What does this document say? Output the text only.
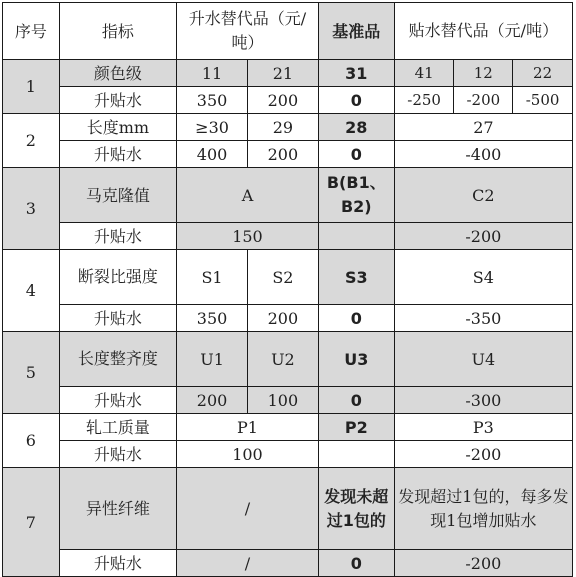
序号	指标	升水替代品（元/吨）		基准品	贴水替代品（元/吨）		
1	颜色级	11	21	31	41	12	22
	升贴水	350	200	0	-250	-200	-500
2	长度mm	≥30	29	28	27		
	升贴水	400	200	0	-400		
3	马克隆值	A		B(B1、B2)	C2		
	升贴水	150			-200		
4	断裂比强度	S1	S2	S3	S4		
	升贴水	350	200	0	-350		
5	长度整齐度	U1	U2	U3	U4		
	升贴水	200	100	0	-300		
6	轧工质量	P1		P2	P3		
	升贴水	100			-200		
7	异性纤维	/		发现未超过1包的	发现超过1包的，每多发现1包增加贴水		
	升贴水	/		0	-200		
